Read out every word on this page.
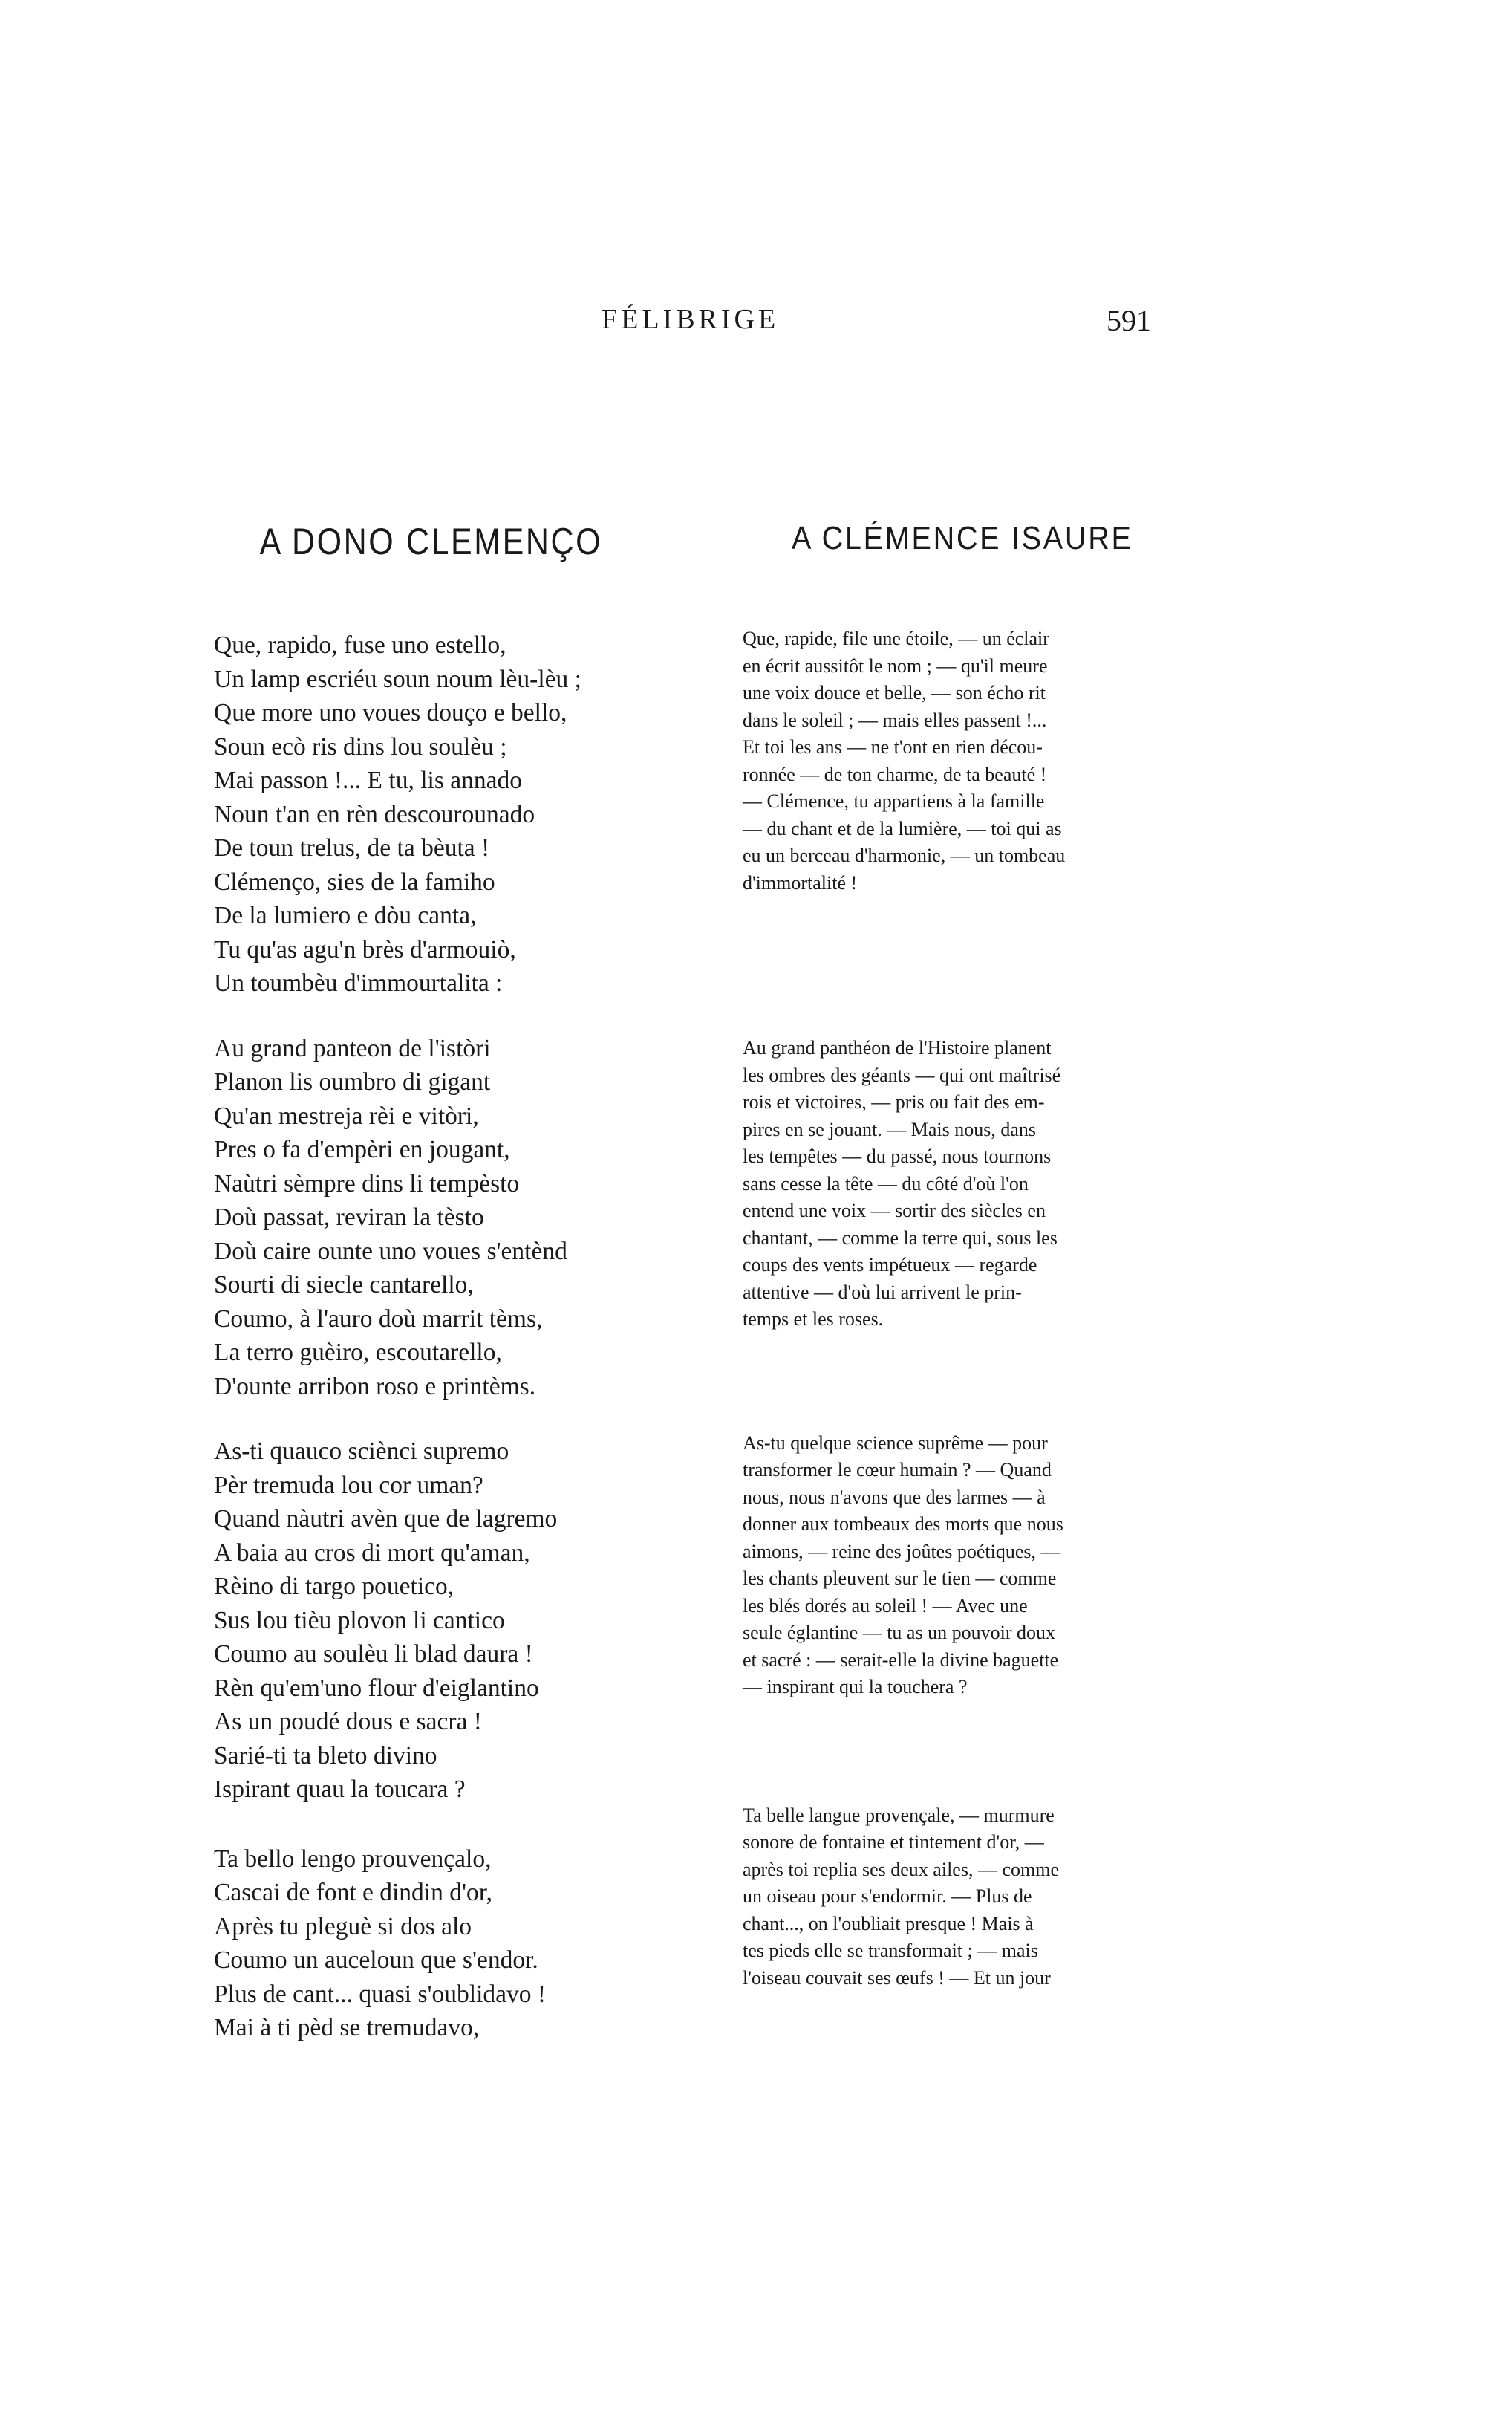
FÉLIBRIGE	591
A DONO CLEMENÇO
Que, rapido, fuse uno estello,
Un lamp escriéu soun noum lèu-lèu ;
Que more uno voues douço e bello,
Soun ecò ris dins lou soulèu ;
Mai passon !... E tu, lis annado
Noun t'an en rèn descourounado
De toun trelus, de ta bèuta !
Clémenço, sies de la famiho
De la lumiero e dòu canta,
Tu qu'as agu'n brès d'armouiò,
Un toumbèu d'immourtalita :
Au grand panteon de l'istòri
Planon lis oumbro di gigant
Qu'an mestreja rèi e vitòri,
Pres o fa d'empèri en jougant,
Naùtri sèmpre dins li tempèsto
Doù passat, reviran la tèsto
Doù caire ounte uno voues s'entènd
Sourti di siecle cantarello,
Coumo, à l'auro doù marrit tèms,
La terro guèiro, escoutarello,
D'ounte arribon roso e printèms.
As-ti quauco sciènci supremo
Pèr tremuda lou cor uman?
Quand nàutri avèn que de lagremo
A baia au cros di mort qu'aman,
Rèino di targo pouetico,
Sus lou tièu plovon li cantico
Coumo au soulèu li blad daura !
Rèn qu'em'uno flour d'eiglantino
As un poudé dous e sacra !
Sarié-ti ta bleto divino
Ispirant quau la toucara ?
Ta bello lengo prouvençalo,
Cascai de font e dindin d'or,
Après tu pleguè si dos alo
Coumo un auceloun que s'endor.
Plus de cant... quasi s'oublidavo !
Mai à ti pèd se tremudavo,
A CLÉMENCE ISAURE
Que, rapide, file une étoile, — un éclair
en écrit aussitôt le nom ; — qu'il meure
une voix douce et belle, — son écho rit
dans le soleil ; — mais elles passent !...
Et toi les ans — ne t'ont en rien décou-
ronnée — de ton charme, de ta beauté !
— Clémence, tu appartiens à la famille
— du chant et de la lumière, — toi qui as
eu un berceau d'harmonie, — un tombeau
d'immortalité !
Au grand panthéon de l'Histoire planent
les ombres des géants — qui ont maîtrisé
rois et victoires, — pris ou fait des em-
pires en se jouant. — Mais nous, dans
les tempêtes — du passé, nous tournons
sans cesse la tête — du côté d'où l'on
entend une voix — sortir des siècles en
chantant, — comme la terre qui, sous les
coups des vents impétueux — regarde
attentive — d'où lui arrivent le prin-
temps et les roses.
As-tu quelque science suprême — pour
transformer le cœur humain ? — Quand
nous, nous n'avons que des larmes — à
donner aux tombeaux des morts que nous
aimons, — reine des joûtes poétiques, —
les chants pleuvent sur le tien — comme
les blés dorés au soleil ! — Avec une
seule églantine — tu as un pouvoir doux
et sacré : — serait-elle la divine baguette
— inspirant qui la touchera ?
Ta belle langue provençale, — murmure
sonore de fontaine et tintement d'or, —
après toi replia ses deux ailes, — comme
un oiseau pour s'endormir. — Plus de
chant..., on l'oubliait presque ! Mais à
tes pieds elle se transformait ; — mais
l'oiseau couvait ses œufs ! — Et un jour
